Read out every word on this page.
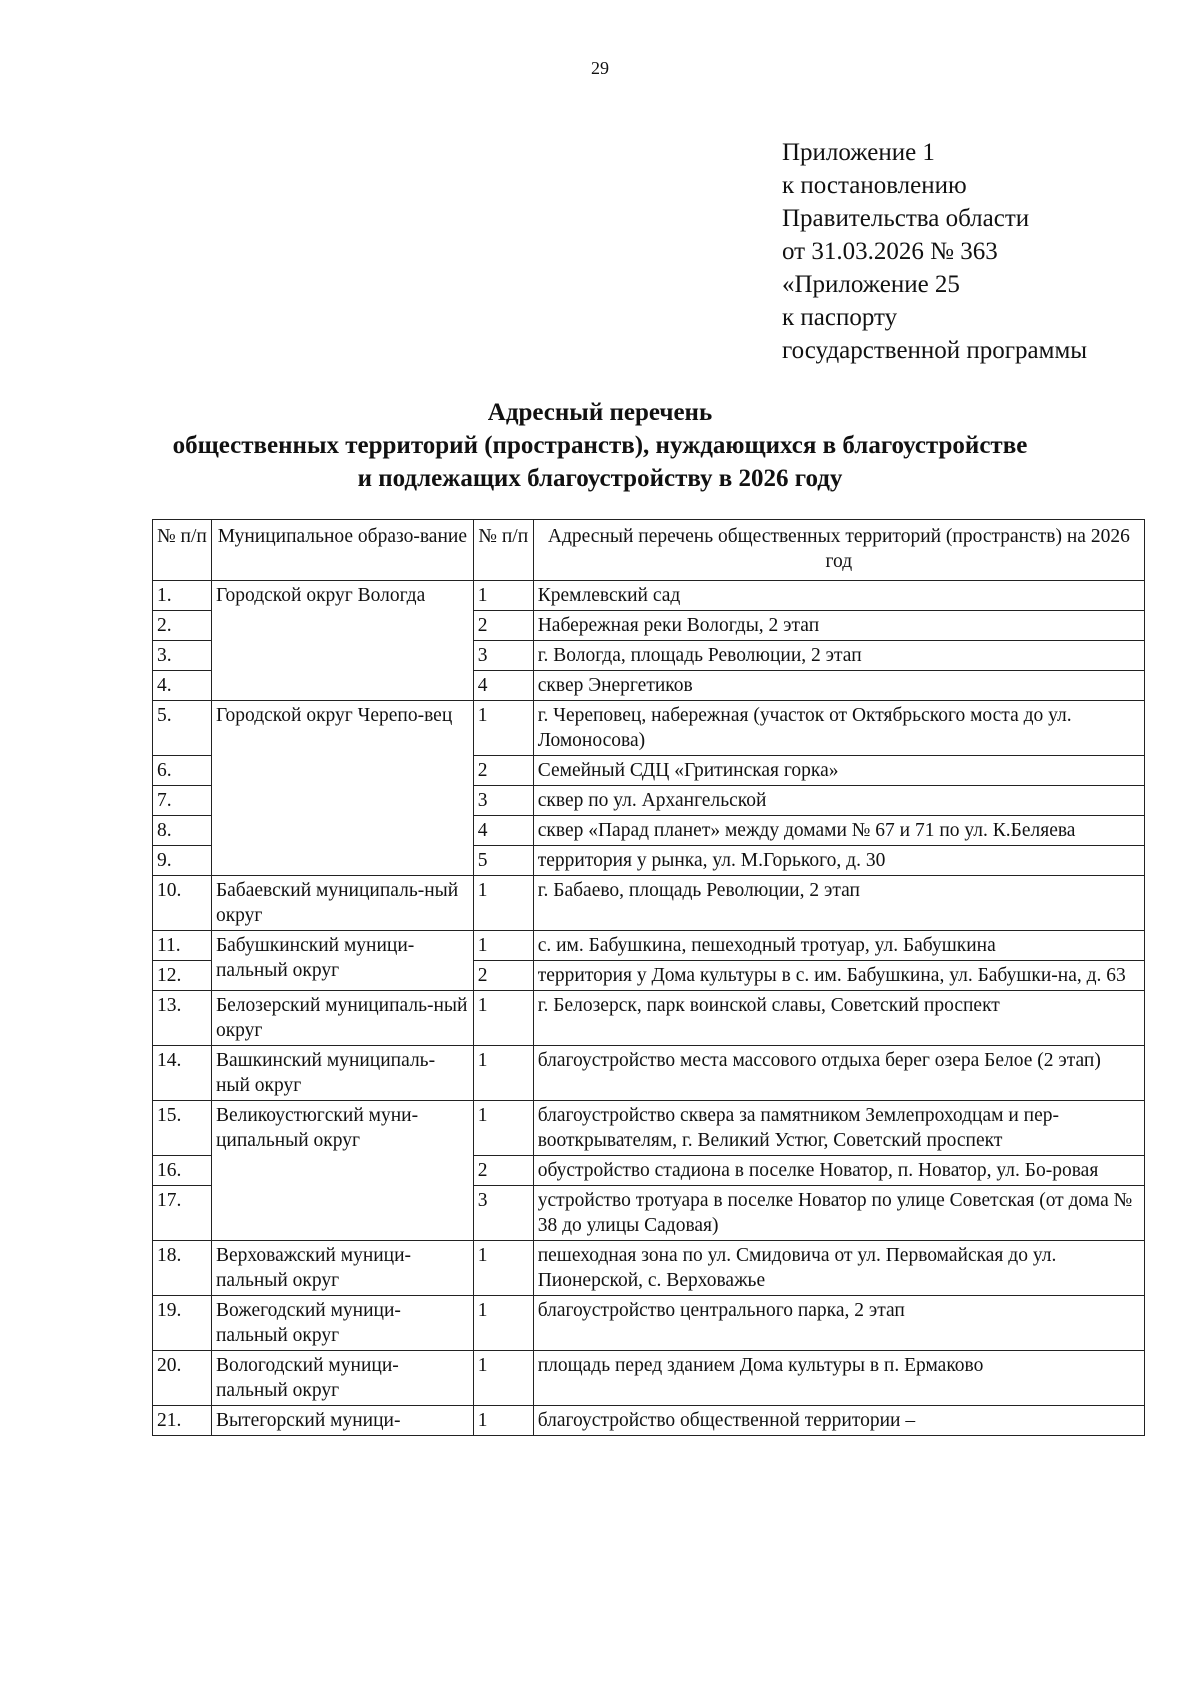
29
Приложение 1
к постановлению
Правительства области
от 31.03.2026 № 363
«Приложение 25
к паспорту
государственной программы
Адресный перечень
общественных территорий (пространств), нуждающихся в благоустройстве
и подлежащих благоустройству в 2026 году
№ п/п	Муниципальное образо-вание	№ п/п	Адресный перечень общественных территорий (пространств) на 2026 год
1.	Городской округ Вологда	1	Кремлевский сад
2.		2	Набережная реки Вологды, 2 этап
3.		3	г. Вологда, площадь Революции, 2 этап
4.		4	сквер Энергетиков
5.	Городской округ Черепо-вец	1	г. Череповец, набережная (участок от Октябрьского моста до ул. Ломоносова)
6.		2	Семейный СДЦ «Гритинская горка»
7.		3	сквер по ул. Архангельской
8.		4	сквер «Парад планет» между домами № 67 и 71 по ул. К.Беляева
9.		5	территория у рынка, ул. М.Горького, д. 30
10.	Бабаевский муниципаль-ный округ	1	г. Бабаево, площадь Революции, 2 этап
11.	Бабушкинский муници-пальный округ	1	с. им. Бабушкина, пешеходный тротуар, ул. Бабушкина
12.		2	территория у Дома культуры в с. им. Бабушкина, ул. Бабушки-на, д. 63
13.	Белозерский муниципаль-ный округ	1	г. Белозерск, парк воинской славы, Советский проспект
14.	Вашкинский муниципаль-ный округ	1	благоустройство места массового отдыха берег озера Белое (2 этап)
15.	Великоустюгский муни-ципальный округ	1	благоустройство сквера за памятником Землепроходцам и пер-вооткрывателям, г. Великий Устюг, Советский проспект
16.		2	обустройство стадиона в поселке Новатор, п. Новатор, ул. Бо-ровая
17.		3	устройство тротуара в поселке Новатор по улице Советская (от дома № 38 до улицы Садовая)
18.	Верховажский муници-пальный округ	1	пешеходная зона по ул. Смидовича от ул. Первомайская до ул. Пионерской, с. Верховажье
19.	Вожегодский муници-пальный округ	1	благоустройство центрального парка, 2 этап
20.	Вологодский муници-пальный округ	1	площадь перед зданием Дома культуры в п. Ермаково
21.	Вытегорский муници-	1	благоустройство общественной территории –
